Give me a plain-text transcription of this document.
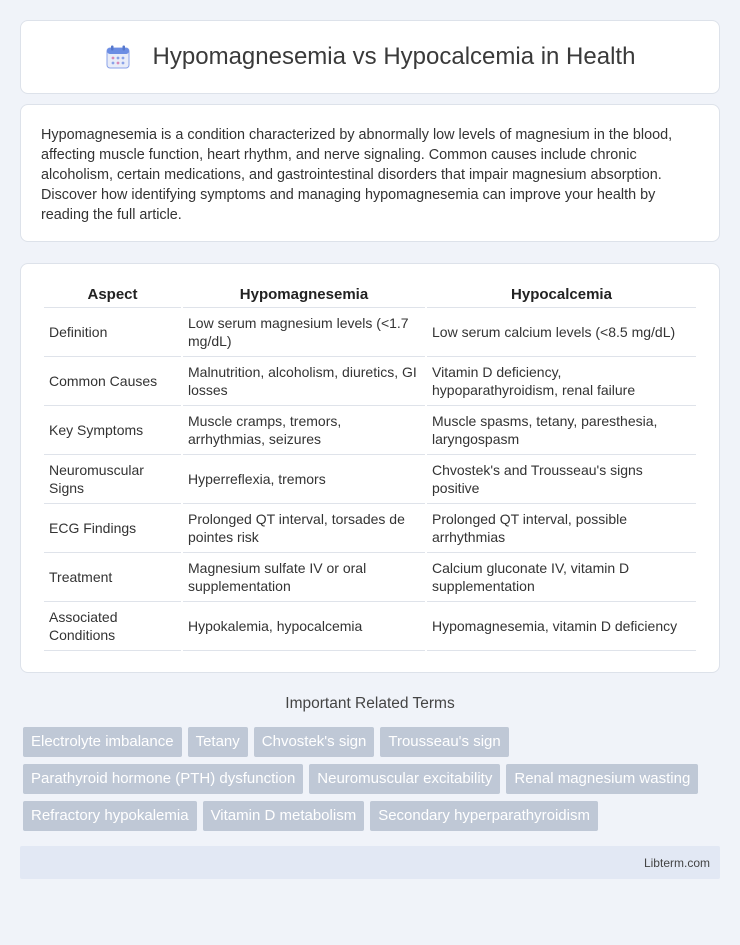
Hypomagnesemia vs Hypocalcemia in Health

Hypomagnesemia is a condition characterized by abnormally low levels of magnesium in the blood, affecting muscle function, heart rhythm, and nerve signaling. Common causes include chronic alcoholism, certain medications, and gastrointestinal disorders that impair magnesium absorption. Discover how identifying symptoms and managing hypomagnesemia can improve your health by reading the full article.

Aspect	Hypomagnesemia	Hypocalcemia
Definition	Low serum magnesium levels (<1.7 mg/dL)	Low serum calcium levels (<8.5 mg/dL)
Common Causes	Malnutrition, alcoholism, diuretics, GI losses	Vitamin D deficiency, hypoparathyroidism, renal failure
Key Symptoms	Muscle cramps, tremors, arrhythmias, seizures	Muscle spasms, tetany, paresthesia, laryngospasm
Neuromuscular Signs	Hyperreflexia, tremors	Chvostek's and Trousseau's signs positive
ECG Findings	Prolonged QT interval, torsades de pointes risk	Prolonged QT interval, possible arrhythmias
Treatment	Magnesium sulfate IV or oral supplementation	Calcium gluconate IV, vitamin D supplementation
Associated Conditions	Hypokalemia, hypocalcemia	Hypomagnesemia, vitamin D deficiency
Important Related Terms
Electrolyte imbalance	Tetany	Chvostek's sign	Trousseau's sign
Parathyroid hormone (PTH) dysfunction	Neuromuscular excitability	Renal magnesium wasting
Refractory hypokalemia	Vitamin D metabolism	Secondary hyperparathyroidism
Libterm.com
